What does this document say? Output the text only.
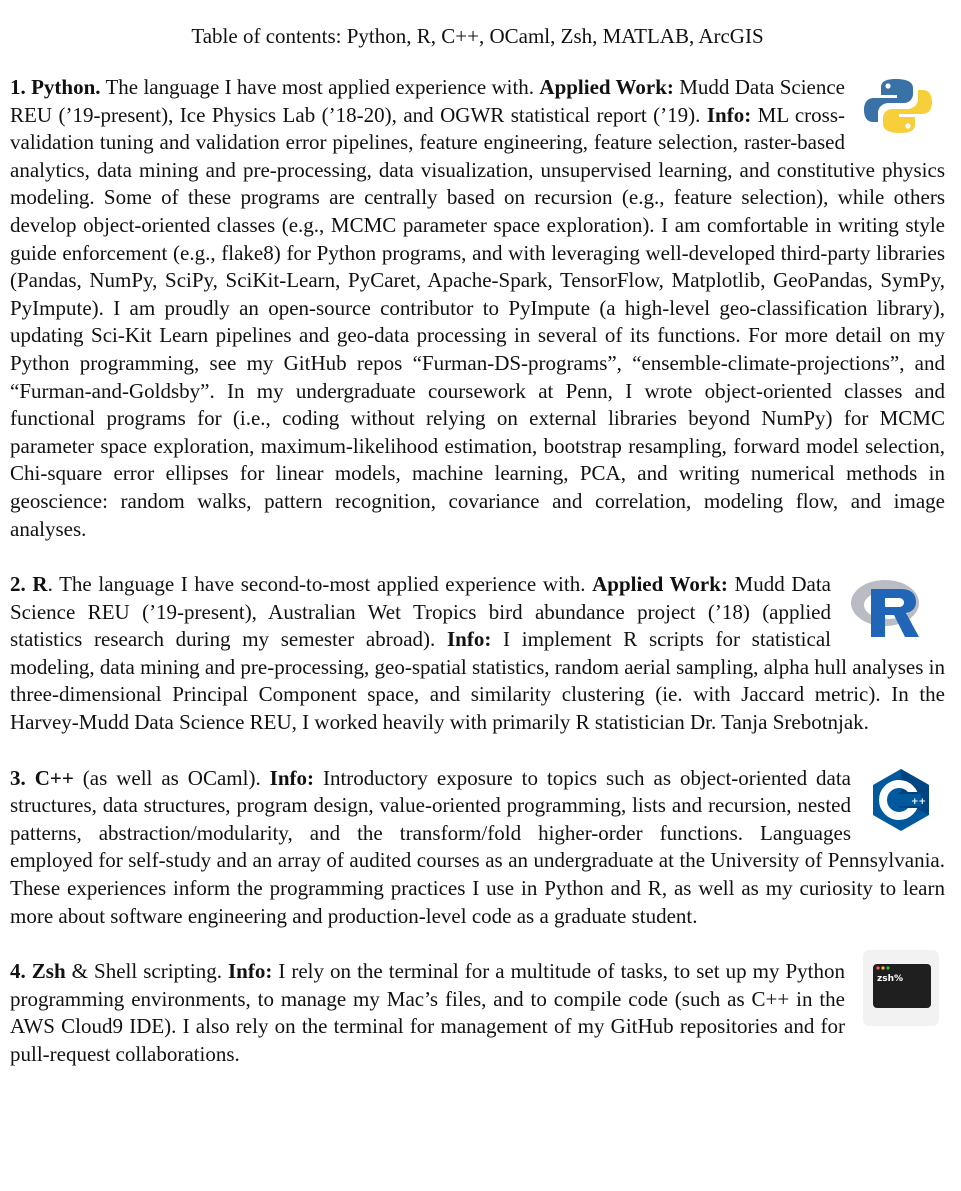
Table of contents: Python, R, C++, OCaml, Zsh, MATLAB, ArcGIS
1. Python. The language I have most applied experience with. Applied Work: Mudd Data Science REU (’19-present), Ice Physics Lab (’18-20), and OGWR statistical report (’19). Info: ML cross-validation tuning and validation error pipelines, feature engineering, feature selection, raster-based analytics, data mining and pre-processing, data visualization, unsupervised learning, and constitutive physics modeling. Some of these programs are centrally based on recursion (e.g., feature selection), while others develop object-oriented classes (e.g., MCMC parameter space exploration). I am comfortable in writing style guide enforcement (e.g., flake8) for Python programs, and with leveraging well-developed third-party libraries (Pandas, NumPy, SciPy, SciKit-Learn, PyCaret, Apache-Spark, TensorFlow, Matplotlib, GeoPandas, SymPy, PyImpute). I am proudly an open-source contributor to PyImpute (a high-level geo-classification library), updating Sci-Kit Learn pipelines and geo-data processing in several of its functions. For more detail on my Python programming, see my GitHub repos “Furman-DS-programs”, “ensemble-climate-projections”, and “Furman-and-Goldsby”. In my undergraduate coursework at Penn, I wrote object-oriented classes and functional programs for (i.e., coding without relying on external libraries beyond NumPy) for MCMC parameter space exploration, maximum-likelihood estimation, bootstrap resampling, forward model selection, Chi-square error ellipses for linear models, machine learning, PCA, and writing numerical methods in geoscience: random walks, pattern recognition, covariance and correlation, modeling flow, and image analyses.
2. R. The language I have second-to-most applied experience with. Applied Work: Mudd Data Science REU (’19-present), Australian Wet Tropics bird abundance project (’18) (applied statistics research during my semester abroad). Info: I implement R scripts for statistical modeling, data mining and pre-processing, geo-spatial statistics, random aerial sampling, alpha hull analyses in three-dimensional Principal Component space, and similarity clustering (ie. with Jaccard metric). In the Harvey-Mudd Data Science REU, I worked heavily with primarily R statistician Dr. Tanja Srebotnjak.
++
3. C++ (as well as OCaml). Info: Introductory exposure to topics such as object-oriented data structures, data structures, program design, value-oriented programming, lists and recursion, nested patterns, abstraction/modularity, and the transform/fold higher-order functions. Languages employed for self-study and an array of audited courses as an undergraduate at the University of Pennsylvania. These experiences inform the programming practices I use in Python and R, as well as my curiosity to learn more about software engineering and production-level code as a graduate student.
zsh%
4. Zsh & Shell scripting. Info: I rely on the terminal for a multitude of tasks, to set up my Python programming environments, to manage my Mac’s files, and to compile code (such as C++ in the AWS Cloud9 IDE). I also rely on the terminal for management of my GitHub repositories and for pull-request collaborations.
